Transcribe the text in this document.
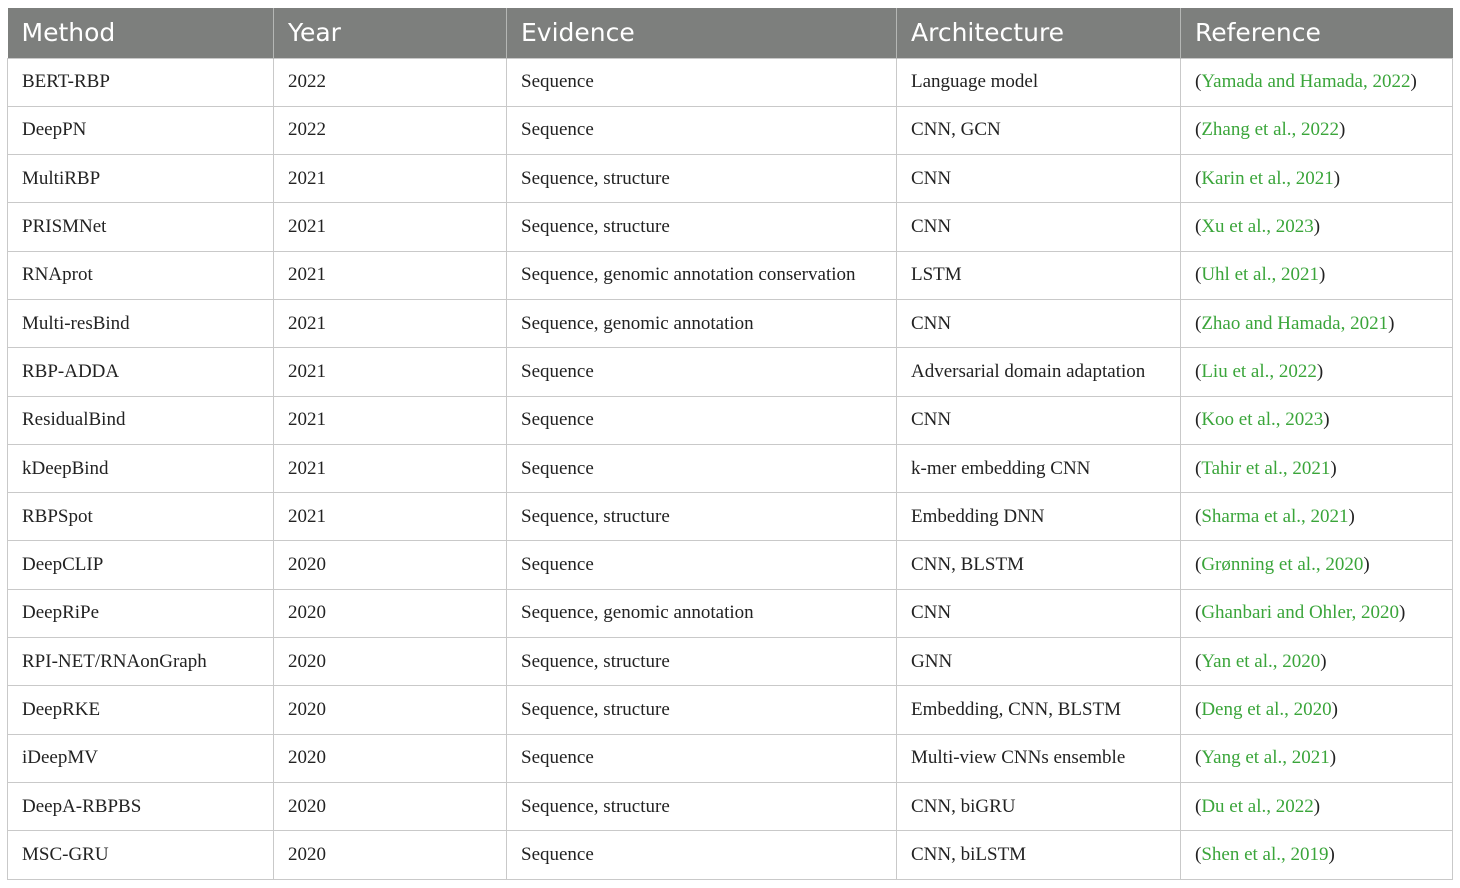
Method	Year	Evidence	Architecture	Reference
BERT-RBP	2022	Sequence	Language model	(Yamada and Hamada, 2022)
DeepPN	2022	Sequence	CNN, GCN	(Zhang et al., 2022)
MultiRBP	2021	Sequence, structure	CNN	(Karin et al., 2021)
PRISMNet	2021	Sequence, structure	CNN	(Xu et al., 2023)
RNAprot	2021	Sequence, genomic annotation conservation	LSTM	(Uhl et al., 2021)
Multi-resBind	2021	Sequence, genomic annotation	CNN	(Zhao and Hamada, 2021)
RBP-ADDA	2021	Sequence	Adversarial domain adaptation	(Liu et al., 2022)
ResidualBind	2021	Sequence	CNN	(Koo et al., 2023)
kDeepBind	2021	Sequence	k-mer embedding CNN	(Tahir et al., 2021)
RBPSpot	2021	Sequence, structure	Embedding DNN	(Sharma et al., 2021)
DeepCLIP	2020	Sequence	CNN, BLSTM	(Grønning et al., 2020)
DeepRiPe	2020	Sequence, genomic annotation	CNN	(Ghanbari and Ohler, 2020)
RPI-NET/RNAonGraph	2020	Sequence, structure	GNN	(Yan et al., 2020)
DeepRKE	2020	Sequence, structure	Embedding, CNN, BLSTM	(Deng et al., 2020)
iDeepMV	2020	Sequence	Multi-view CNNs ensemble	(Yang et al., 2021)
DeepA-RBPBS	2020	Sequence, structure	CNN, biGRU	(Du et al., 2022)
MSC-GRU	2020	Sequence	CNN, biLSTM	(Shen et al., 2019)
